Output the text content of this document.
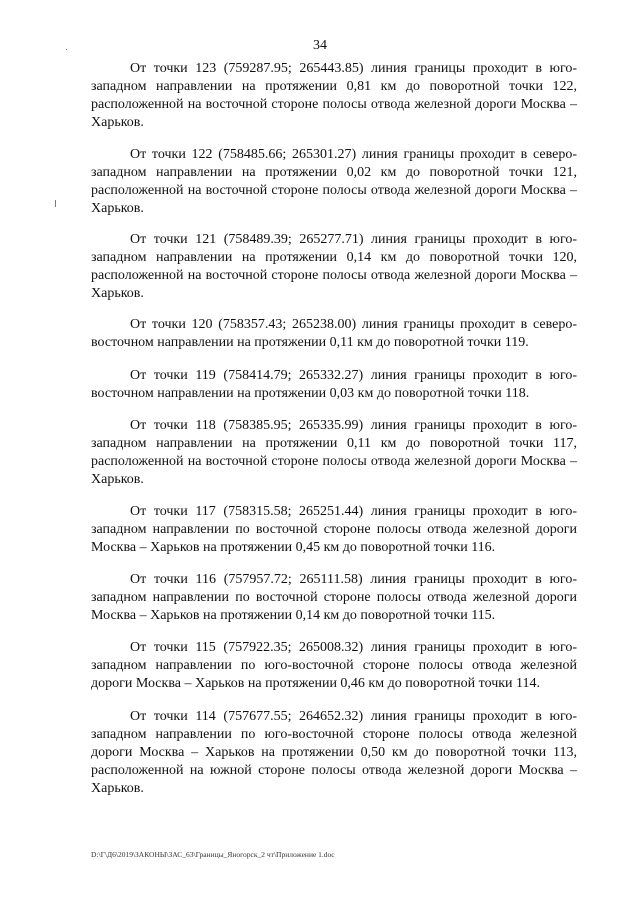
34

От точки 123 (759287.95; 265443.85) линия границы проходит в юго-западном направлении на протяжении 0,81 км до поворотной точки 122, расположенной на восточной стороне полосы отвода железной дороги Москва – Харьков.

От точки 122 (758485.66; 265301.27) линия границы проходит в северо-западном направлении на протяжении 0,02 км до поворотной точки 121, расположенной на восточной стороне полосы отвода железной дороги Москва – Харьков.

От точки 121 (758489.39; 265277.71) линия границы проходит в юго-западном направлении на протяжении 0,14 км до поворотной точки 120, расположенной на восточной стороне полосы отвода железной дороги Москва – Харьков.

От точки 120 (758357.43; 265238.00) линия границы проходит в северо-восточном направлении на протяжении 0,11 км до поворотной точки 119.

От точки 119 (758414.79; 265332.27) линия границы проходит в юго-восточном направлении на протяжении 0,03 км до поворотной точки 118.

От точки 118 (758385.95; 265335.99) линия границы проходит в юго-западном направлении на протяжении 0,11 км до поворотной точки 117, расположенной на восточной стороне полосы отвода железной дороги Москва – Харьков.

От точки 117 (758315.58; 265251.44) линия границы проходит в юго-западном направлении по восточной стороне полосы отвода железной дороги Москва – Харьков на протяжении 0,45 км до поворотной точки 116.

От точки 116 (757957.72; 265111.58) линия границы проходит в юго-западном направлении по восточной стороне полосы отвода железной дороги Москва – Харьков на протяжении 0,14 км до поворотной точки 115.

От точки 115 (757922.35; 265008.32) линия границы проходит в юго-западном направлении по юго-восточной стороне полосы отвода железной дороги Москва – Харьков на протяжении 0,46 км до поворотной точки 114.

От точки 114 (757677.55; 264652.32) линия границы проходит в юго-западном направлении по юго-восточной стороне полосы отвода железной дороги Москва – Харьков на протяжении 0,50 км до поворотной точки 113, расположенной на южной стороне полосы отвода железной дороги Москва – Харьков.

D:\Г\Д6\2019\ЗАКОНЫ\ЗАС_63\Границы_Яногорск_2 чт\Приложение 1.doc
